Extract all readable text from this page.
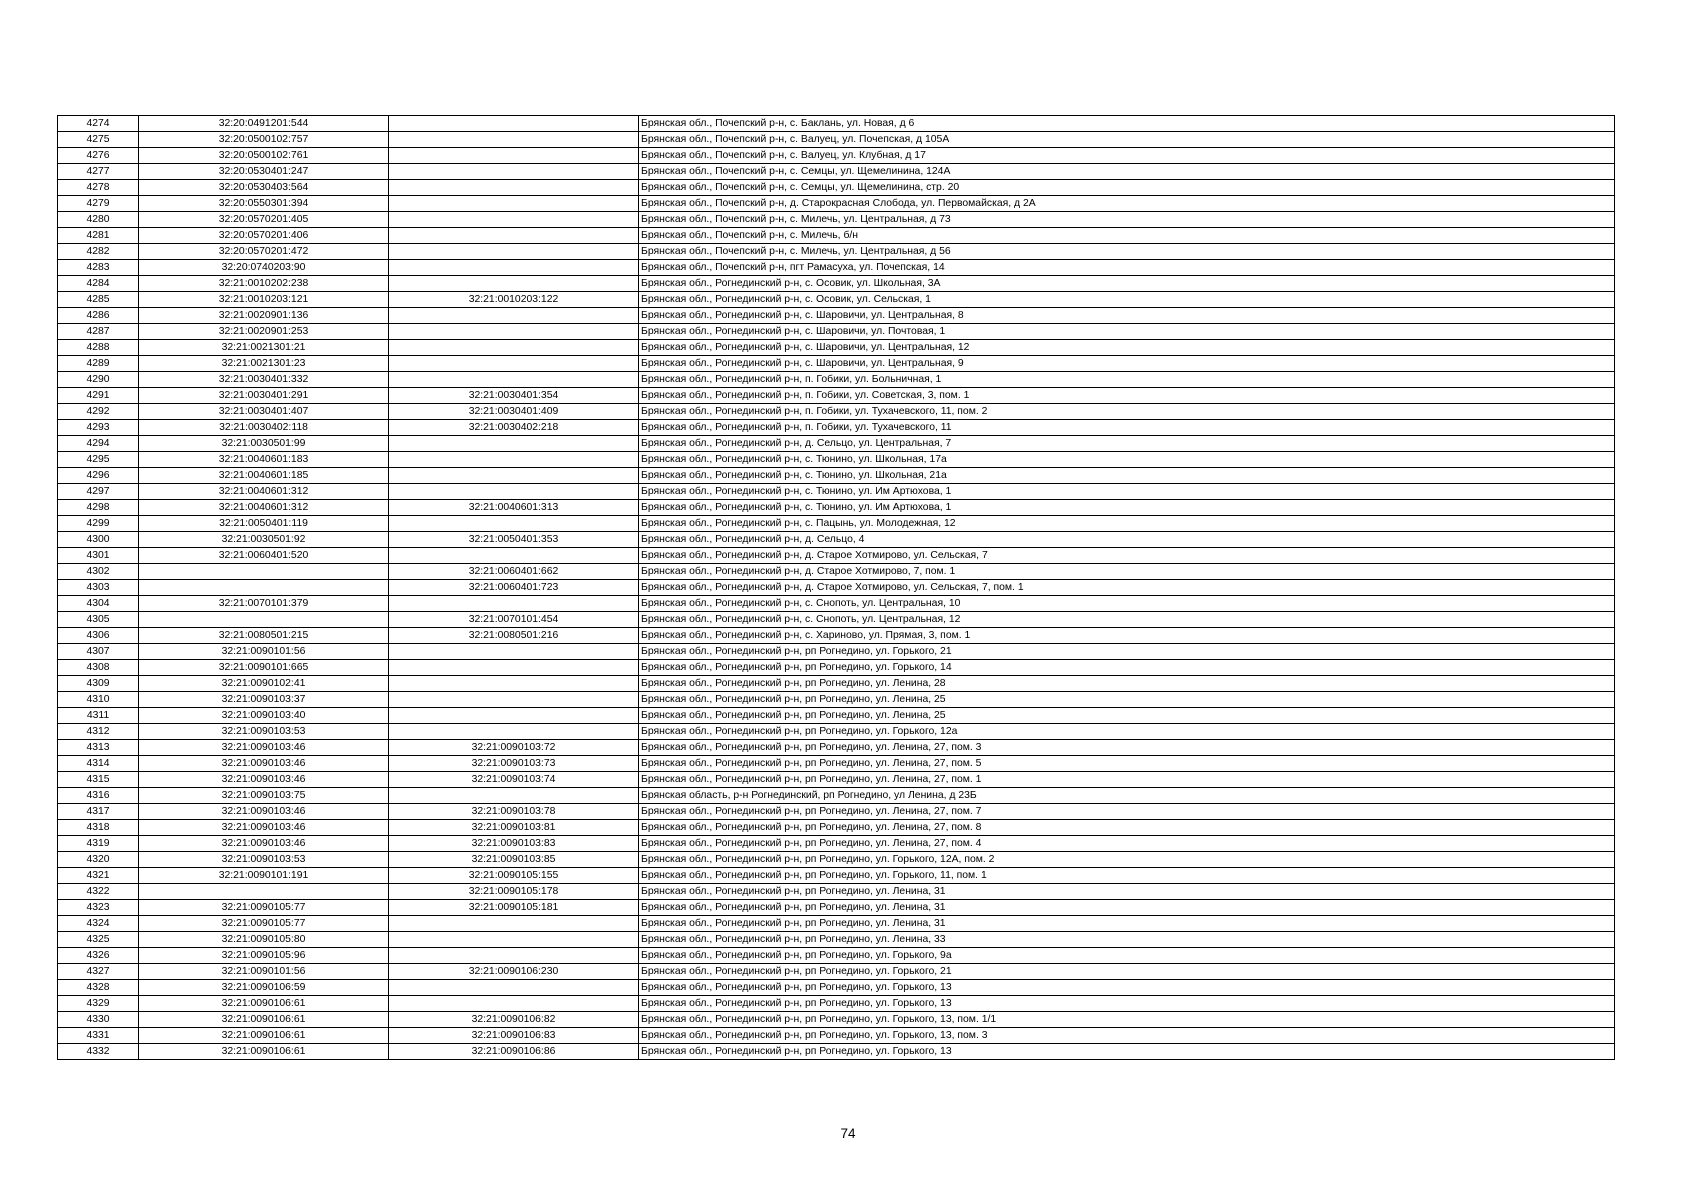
4274	32:20:0491201:544		Брянская обл., Почепский р-н, с. Баклань, ул. Новая, д 6
4275	32:20:0500102:757		Брянская обл., Почепский р-н, с. Валуец, ул. Почепская, д 105А
4276	32:20:0500102:761		Брянская обл., Почепский р-н, с. Валуец, ул. Клубная, д 17
4277	32:20:0530401:247		Брянская обл., Почепский р-н, с. Семцы, ул. Щемелинина, 124А
4278	32:20:0530403:564		Брянская обл., Почепский р-н, с. Семцы, ул. Щемелинина, стр. 20
4279	32:20:0550301:394		Брянская обл., Почепский р-н, д. Старокрасная Слобода, ул. Первомайская, д 2А
4280	32:20:0570201:405		Брянская обл., Почепский р-н, с. Милечь, ул. Центральная, д 73
4281	32:20:0570201:406		Брянская обл., Почепский р-н, с. Милечь, б/н
4282	32:20:0570201:472		Брянская обл., Почепский р-н, с. Милечь, ул. Центральная, д 56
4283	32:20:0740203:90		Брянская обл., Почепский р-н, пгт Рамасуха, ул. Почепская, 14
4284	32:21:0010202:238		Брянская обл., Рогнединский р-н, с. Осовик, ул. Школьная, 3А
4285	32:21:0010203:121	32:21:0010203:122	Брянская обл., Рогнединский р-н, с. Осовик, ул. Сельская, 1
4286	32:21:0020901:136		Брянская обл., Рогнединский р-н, с. Шаровичи, ул. Центральная, 8
4287	32:21:0020901:253		Брянская обл., Рогнединский р-н, с. Шаровичи, ул. Почтовая, 1
4288	32:21:0021301:21		Брянская обл., Рогнединский р-н, с. Шаровичи, ул. Центральная, 12
4289	32:21:0021301:23		Брянская обл., Рогнединский р-н, с. Шаровичи, ул. Центральная, 9
4290	32:21:0030401:332		Брянская обл., Рогнединский р-н, п. Гобики, ул. Больничная, 1
4291	32:21:0030401:291	32:21:0030401:354	Брянская обл., Рогнединский р-н, п. Гобики, ул. Советская, 3, пом. 1
4292	32:21:0030401:407	32:21:0030401:409	Брянская обл., Рогнединский р-н, п. Гобики, ул. Тухачевского, 11, пом. 2
4293	32:21:0030402:118	32:21:0030402:218	Брянская обл., Рогнединский р-н, п. Гобики, ул. Тухачевского, 11
4294	32:21:0030501:99		Брянская обл., Рогнединский р-н, д. Сельцо, ул. Центральная, 7
4295	32:21:0040601:183		Брянская обл., Рогнединский р-н, с. Тюнино, ул. Школьная, 17а
4296	32:21:0040601:185		Брянская обл., Рогнединский р-н, с. Тюнино, ул. Школьная, 21а
4297	32:21:0040601:312		Брянская обл., Рогнединский р-н, с. Тюнино, ул. Им Артюхова, 1
4298	32:21:0040601:312	32:21:0040601:313	Брянская обл., Рогнединский р-н, с. Тюнино, ул. Им Артюхова, 1
4299	32:21:0050401:119		Брянская обл., Рогнединский р-н, с. Пацынь, ул. Молодежная, 12
4300	32:21:0030501:92	32:21:0050401:353	Брянская обл., Рогнединский р-н, д. Сельцо, 4
4301	32:21:0060401:520		Брянская обл., Рогнединский р-н, д. Старое Хотмирово, ул. Сельская, 7
4302		32:21:0060401:662	Брянская обл., Рогнединский р-н, д. Старое Хотмирово, 7, пом. 1
4303		32:21:0060401:723	Брянская обл., Рогнединский р-н, д. Старое Хотмирово, ул. Сельская, 7, пом. 1
4304	32:21:0070101:379		Брянская обл., Рогнединский р-н, с. Снопоть, ул. Центральная, 10
4305		32:21:0070101:454	Брянская обл., Рогнединский р-н, с. Снопоть, ул. Центральная, 12
4306	32:21:0080501:215	32:21:0080501:216	Брянская обл., Рогнединский р-н, с. Хариново, ул. Прямая, 3, пом. 1
4307	32:21:0090101:56		Брянская обл., Рогнединский р-н, рп Рогнедино, ул. Горького, 21
4308	32:21:0090101:665		Брянская обл., Рогнединский р-н, рп Рогнедино, ул. Горького, 14
4309	32:21:0090102:41		Брянская обл., Рогнединский р-н, рп Рогнедино, ул. Ленина, 28
4310	32:21:0090103:37		Брянская обл., Рогнединский р-н, рп Рогнедино, ул. Ленина, 25
4311	32:21:0090103:40		Брянская обл., Рогнединский р-н, рп Рогнедино, ул. Ленина, 25
4312	32:21:0090103:53		Брянская обл., Рогнединский р-н, рп Рогнедино, ул. Горького, 12а
4313	32:21:0090103:46	32:21:0090103:72	Брянская обл., Рогнединский р-н, рп Рогнедино, ул. Ленина, 27, пом. 3
4314	32:21:0090103:46	32:21:0090103:73	Брянская обл., Рогнединский р-н, рп Рогнедино, ул. Ленина, 27, пом. 5
4315	32:21:0090103:46	32:21:0090103:74	Брянская обл., Рогнединский р-н, рп Рогнедино, ул. Ленина, 27, пом. 1
4316	32:21:0090103:75		Брянская область, р-н Рогнединский, рп Рогнедино, ул Ленина, д 23Б
4317	32:21:0090103:46	32:21:0090103:78	Брянская обл., Рогнединский р-н, рп Рогнедино, ул. Ленина, 27, пом. 7
4318	32:21:0090103:46	32:21:0090103:81	Брянская обл., Рогнединский р-н, рп Рогнедино, ул. Ленина, 27, пом. 8
4319	32:21:0090103:46	32:21:0090103:83	Брянская обл., Рогнединский р-н, рп Рогнедино, ул. Ленина, 27, пом. 4
4320	32:21:0090103:53	32:21:0090103:85	Брянская обл., Рогнединский р-н, рп Рогнедино, ул. Горького, 12А, пом. 2
4321	32:21:0090101:191	32:21:0090105:155	Брянская обл., Рогнединский р-н, рп Рогнедино, ул. Горького, 11, пом. 1
4322		32:21:0090105:178	Брянская обл., Рогнединский р-н, рп Рогнедино, ул. Ленина, 31
4323	32:21:0090105:77	32:21:0090105:181	Брянская обл., Рогнединский р-н, рп Рогнедино, ул. Ленина, 31
4324	32:21:0090105:77		Брянская обл., Рогнединский р-н, рп Рогнедино, ул. Ленина, 31
4325	32:21:0090105:80		Брянская обл., Рогнединский р-н, рп Рогнедино, ул. Ленина, 33
4326	32:21:0090105:96		Брянская обл., Рогнединский р-н, рп Рогнедино, ул. Горького, 9а
4327	32:21:0090101:56	32:21:0090106:230	Брянская обл., Рогнединский р-н, рп Рогнедино, ул. Горького, 21
4328	32:21:0090106:59		Брянская обл., Рогнединский р-н, рп Рогнедино, ул. Горького, 13
4329	32:21:0090106:61		Брянская обл., Рогнединский р-н, рп Рогнедино, ул. Горького, 13
4330	32:21:0090106:61	32:21:0090106:82	Брянская обл., Рогнединский р-н, рп Рогнедино, ул. Горького, 13, пом. 1/1
4331	32:21:0090106:61	32:21:0090106:83	Брянская обл., Рогнединский р-н, рп Рогнедино, ул. Горького, 13, пом. 3
4332	32:21:0090106:61	32:21:0090106:86	Брянская обл., Рогнединский р-н, рп Рогнедино, ул. Горького, 13
74
